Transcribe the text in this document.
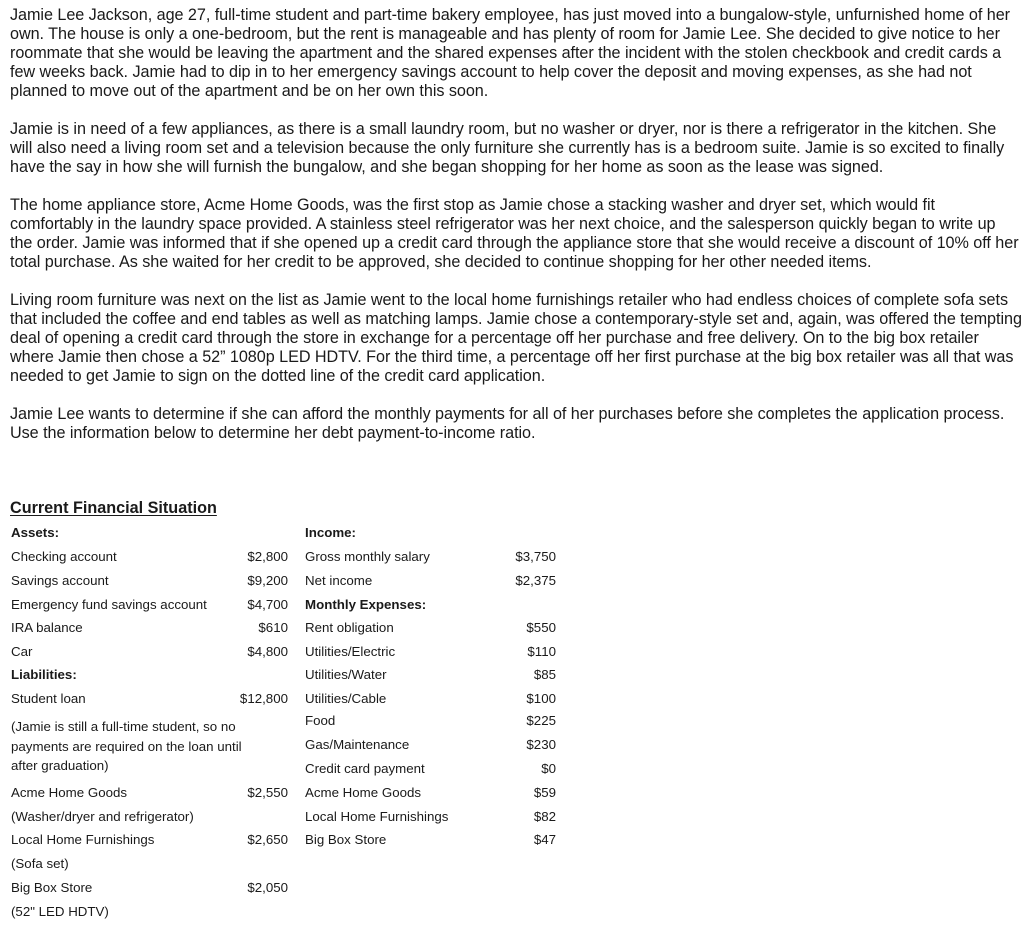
Jamie Lee Jackson, age 27, full-time student and part-time bakery employee, has just moved into a bungalow-style, unfurnished home of her own. The house is only a one-bedroom, but the rent is manageable and has plenty of room for Jamie Lee. She decided to give notice to her roommate that she would be leaving the apartment and the shared expenses after the incident with the stolen checkbook and credit cards a few weeks back. Jamie had to dip in to her emergency savings account to help cover the deposit and moving expenses, as she had not planned to move out of the apartment and be on her own this soon.

Jamie is in need of a few appliances, as there is a small laundry room, but no washer or dryer, nor is there a refrigerator in the kitchen. She will also need a living room set and a television because the only furniture she currently has is a bedroom suite. Jamie is so excited to finally have the say in how she will furnish the bungalow, and she began shopping for her home as soon as the lease was signed.

The home appliance store, Acme Home Goods, was the first stop as Jamie chose a stacking washer and dryer set, which would fit comfortably in the laundry space provided. A stainless steel refrigerator was her next choice, and the salesperson quickly began to write up the order. Jamie was informed that if she opened up a credit card through the appliance store that she would receive a discount of 10% off her total purchase. As she waited for her credit to be approved, she decided to continue shopping for her other needed items.

Living room furniture was next on the list as Jamie went to the local home furnishings retailer who had endless choices of complete sofa sets that included the coffee and end tables as well as matching lamps. Jamie chose a contemporary-style set and, again, was offered the tempting deal of opening a credit card through the store in exchange for a percentage off her purchase and free delivery. On to the big box retailer where Jamie then chose a 52” 1080p LED HDTV. For the third time, a percentage off her first purchase at the big box retailer was all that was needed to get Jamie to sign on the dotted line of the credit card application.

Jamie Lee wants to determine if she can afford the monthly payments for all of her purchases before she completes the application process. Use the information below to determine her debt payment-to-income ratio.

Current Financial Situation
Assets:
Checking account	$2,800
Savings account	$9,200
Emergency fund savings account	$4,700
IRA balance	$610
Car	$4,800
Liabilities:
Student loan	$12,800
(Jamie is still a full-time student, so no payments are required on the loan until after graduation)
Acme Home Goods	$2,550
(Washer/dryer and refrigerator)
Local Home Furnishings	$2,650
(Sofa set)
Big Box Store	$2,050
(52" LED HDTV)
Income:
Gross monthly salary	$3,750
Net income	$2,375
Monthly Expenses:
Rent obligation	$550
Utilities/Electric	$110
Utilities/Water	$85
Utilities/Cable	$100
Food	$225
Gas/Maintenance	$230
Credit card payment	$0
Acme Home Goods	$59
Local Home Furnishings	$82
Big Box Store	$47
